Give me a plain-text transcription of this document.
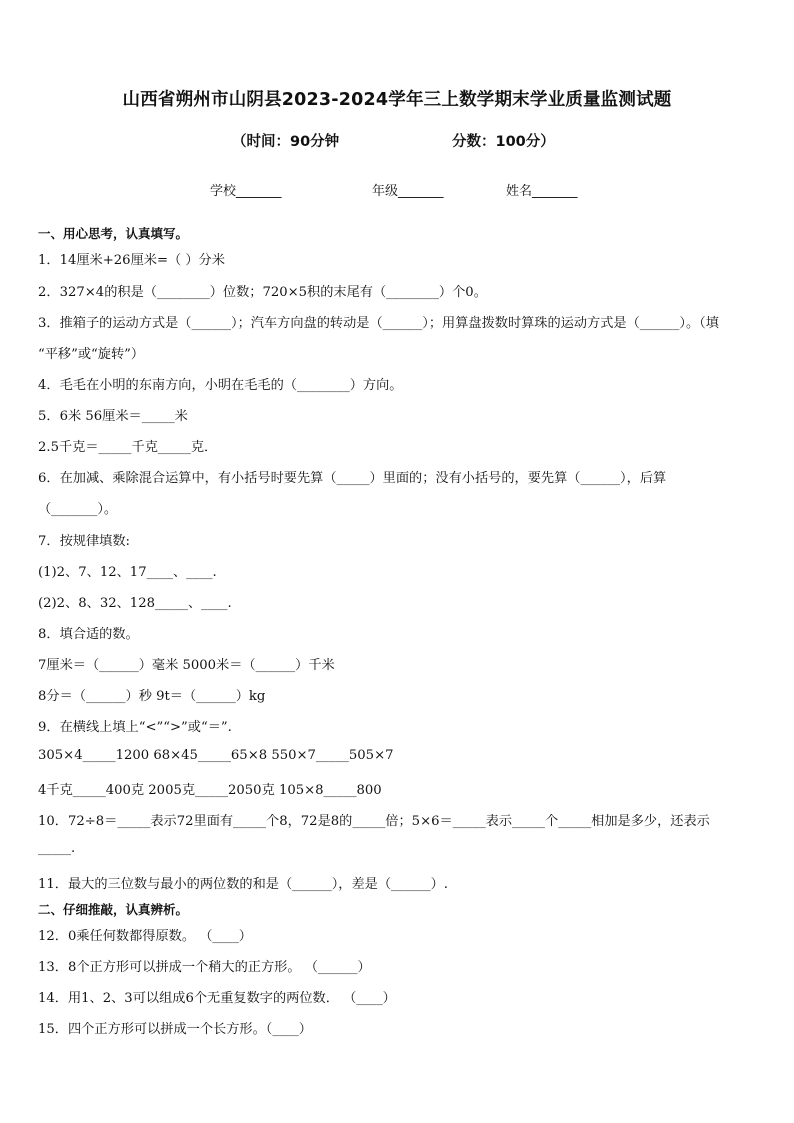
山西省朔州市山阴县2023-2024学年三上数学期末学业质量监测试题
（时间：90分钟	分数：100分）
学校_______	年级_______	姓名_______
一、用心思考，认真填写。
1．14厘米+26厘米=（ ）分米
2．327×4的积是（________）位数；720×5积的末尾有（________）个0。
3．推箱子的运动方式是（______）；汽车方向盘的转动是（______）；用算盘拨数时算珠的运动方式是（______）。（填
“平移”或“旋转”）
4．毛毛在小明的东南方向，小明在毛毛的（________）方向。
5．6米 56厘米＝_____米
2.5千克＝_____千克_____克．
6．在加减、乘除混合运算中，有小括号时要先算（_____）里面的；没有小括号的，要先算（______），后算
（_______）。
7．按规律填数:
(1)2、7、12、17____、____.
(2)2、8、32、128_____、____.
8．填合适的数。
7厘米＝（______）毫米 5000米＝（______）千米
8分＝（______）秒 9t＝（______）kg
9．在横线上填上“<”“>”或“＝”.
305×4_____1200 68×45_____65×8 550×7_____505×7
4千克_____400克 2005克_____2050克 105×8_____800
10．72÷8＝_____表示72里面有_____个8，72是8的_____倍；5×6＝_____表示_____个_____相加是多少，还表示
_____.
11．最大的三位数与最小的两位数的和是（______），差是（______）.
二、仔细推敲，认真辨析。
12．0乘任何数都得原数。 （____）
13．8个正方形可以拼成一个稍大的正方形。 （______）
14．用1、2、3可以组成6个无重复数字的两位数． （____）
15．四个正方形可以拼成一个长方形。（____）
